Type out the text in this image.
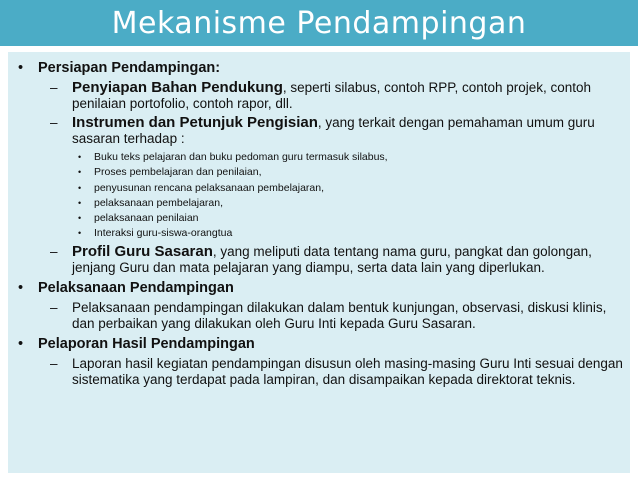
Mekanisme Pendampingan
• Persiapan Pendampingan:
– Penyiapan Bahan Pendukung, seperti silabus, contoh RPP, contoh projek, contoh penilaian portofolio, contoh rapor, dll.
– Instrumen dan Petunjuk Pengisian, yang terkait dengan pemahaman umum guru sasaran terhadap :
• Buku teks pelajaran dan buku pedoman guru termasuk silabus,
• Proses pembelajaran dan penilaian,
• penyusunan rencana pelaksanaan pembelajaran,
• pelaksanaan pembelajaran,
• pelaksanaan penilaian
• Interaksi guru-siswa-orangtua
– Profil Guru Sasaran, yang meliputi data tentang nama guru, pangkat dan golongan, jenjang Guru dan mata pelajaran yang diampu, serta data lain yang diperlukan.
• Pelaksanaan Pendampingan
– Pelaksanaan pendampingan dilakukan dalam bentuk kunjungan, observasi, diskusi klinis, dan perbaikan yang dilakukan oleh Guru Inti kepada Guru Sasaran.
• Pelaporan Hasil Pendampingan
– Laporan hasil kegiatan pendampingan disusun oleh masing-masing Guru Inti sesuai dengan sistematika yang terdapat pada lampiran, dan disampaikan kepada direktorat teknis.
